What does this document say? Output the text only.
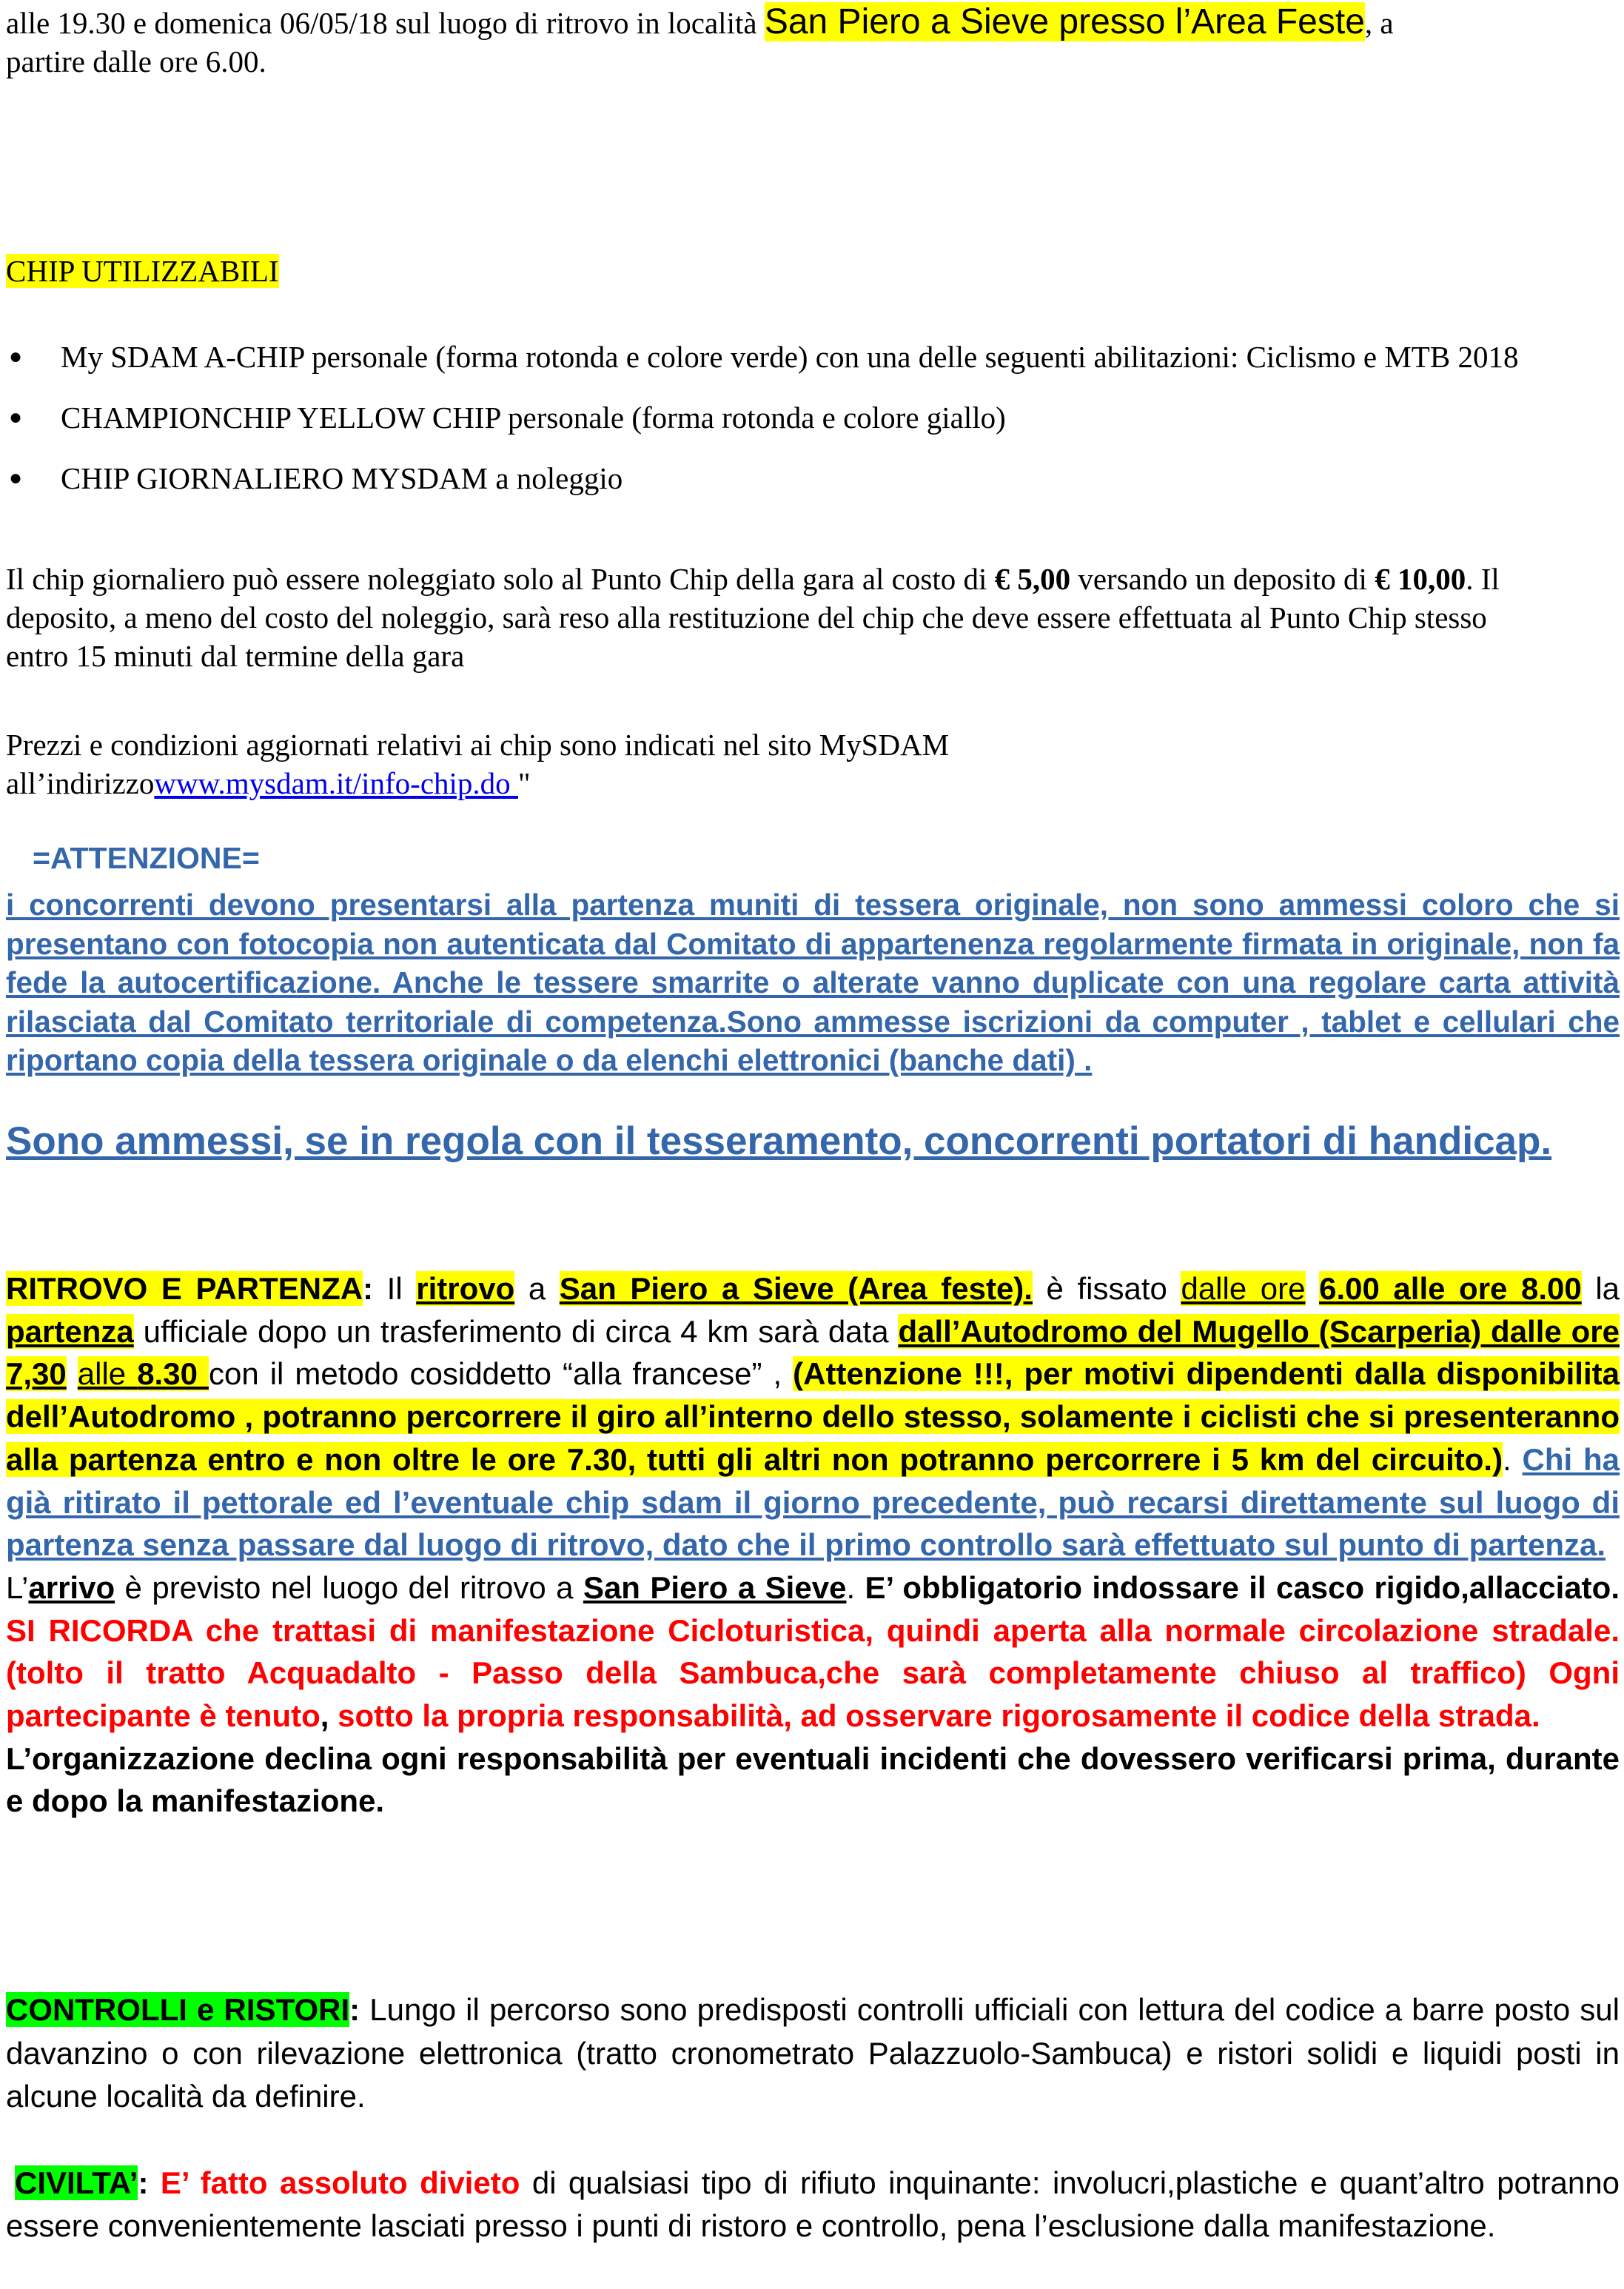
alle 19.30 e domenica 06/05/18 sul luogo di ritrovo in località San Piero a Sieve presso l’Area Feste, a
partire dalle ore 6.00.
CHIP UTILIZZABILI
● My SDAM A-CHIP personale (forma rotonda e colore verde) con una delle seguenti abilitazioni: Ciclismo e MTB 2018
● CHAMPIONCHIP YELLOW CHIP personale (forma rotonda e colore giallo)
● CHIP GIORNALIERO MYSDAM a noleggio

Il chip giornaliero può essere noleggiato solo al Punto Chip della gara al costo di € 5,00 versando un deposito di € 10,00. Il deposito, a meno del costo del noleggio, sarà reso alla restituzione del chip che deve essere effettuata al Punto Chip stesso entro 15 minuti dal termine della gara

Prezzi e condizioni aggiornati relativi ai chip sono indicati nel sito MySDAM all’indirizzowww.mysdam.it/info-chip.do "

=ATTENZIONE=

i concorrenti devono presentarsi alla partenza muniti di tessera originale, non sono ammessi coloro che si presentano con fotocopia non autenticata dal Comitato di appartenenza regolarmente firmata in originale, non fa fede la autocertificazione. Anche le tessere smarrite o alterate vanno duplicate con una regolare carta attività rilasciata dal Comitato territoriale di competenza.Sono ammesse iscrizioni da computer , tablet e cellulari che riportano copia della tessera originale o da elenchi elettronici (banche dati) .

Sono ammessi, se in regola con il tesseramento, concorrenti portatori di handicap.

RITROVO E PARTENZA: Il ritrovo a San Piero a Sieve (Area feste). è fissato dalle ore 6.00 alle ore 8.00 la partenza ufficiale dopo un trasferimento di circa 4 km sarà data dall’Autodromo del Mugello (Scarperia) dalle ore 7,30 alle 8.30 con il metodo cosiddetto “alla francese” , (Attenzione !!!, per motivi dipendenti dalla disponibilita dell’Autodromo , potranno percorrere il giro all’interno dello stesso, solamente i ciclisti che si presenteranno alla partenza entro e non oltre le ore 7.30, tutti gli altri non potranno percorrere i 5 km del circuito.). Chi ha già ritirato il pettorale ed l’eventuale chip sdam il giorno precedente, può recarsi direttamente sul luogo di partenza senza passare dal luogo di ritrovo, dato che il primo controllo sarà effettuato sul punto di partenza.
L’arrivo è previsto nel luogo del ritrovo a San Piero a Sieve. E’ obbligatorio indossare il casco rigido,allacciato. SI RICORDA che trattasi di manifestazione Cicloturistica, quindi aperta alla normale circolazione stradale.(tolto il tratto Acquadalto - Passo della Sambuca,che sarà completamente chiuso al traffico) Ogni partecipante è tenuto, sotto la propria responsabilità, ad osservare rigorosamente il codice della strada.
L’organizzazione declina ogni responsabilità per eventuali incidenti che dovessero verificarsi prima, durante e dopo la manifestazione.

CONTROLLI e RISTORI: Lungo il percorso sono predisposti controlli ufficiali con lettura del codice a barre posto sul davanzino o con rilevazione elettronica (tratto cronometrato Palazzuolo-Sambuca) e ristori solidi e liquidi posti in alcune località da definire.

CIVILTA’: E’ fatto assoluto divieto di qualsiasi tipo di rifiuto inquinante: involucri,plastiche e quant’altro potranno essere convenientemente lasciati presso i punti di ristoro e controllo, pena l’esclusione dalla manifestazione.
